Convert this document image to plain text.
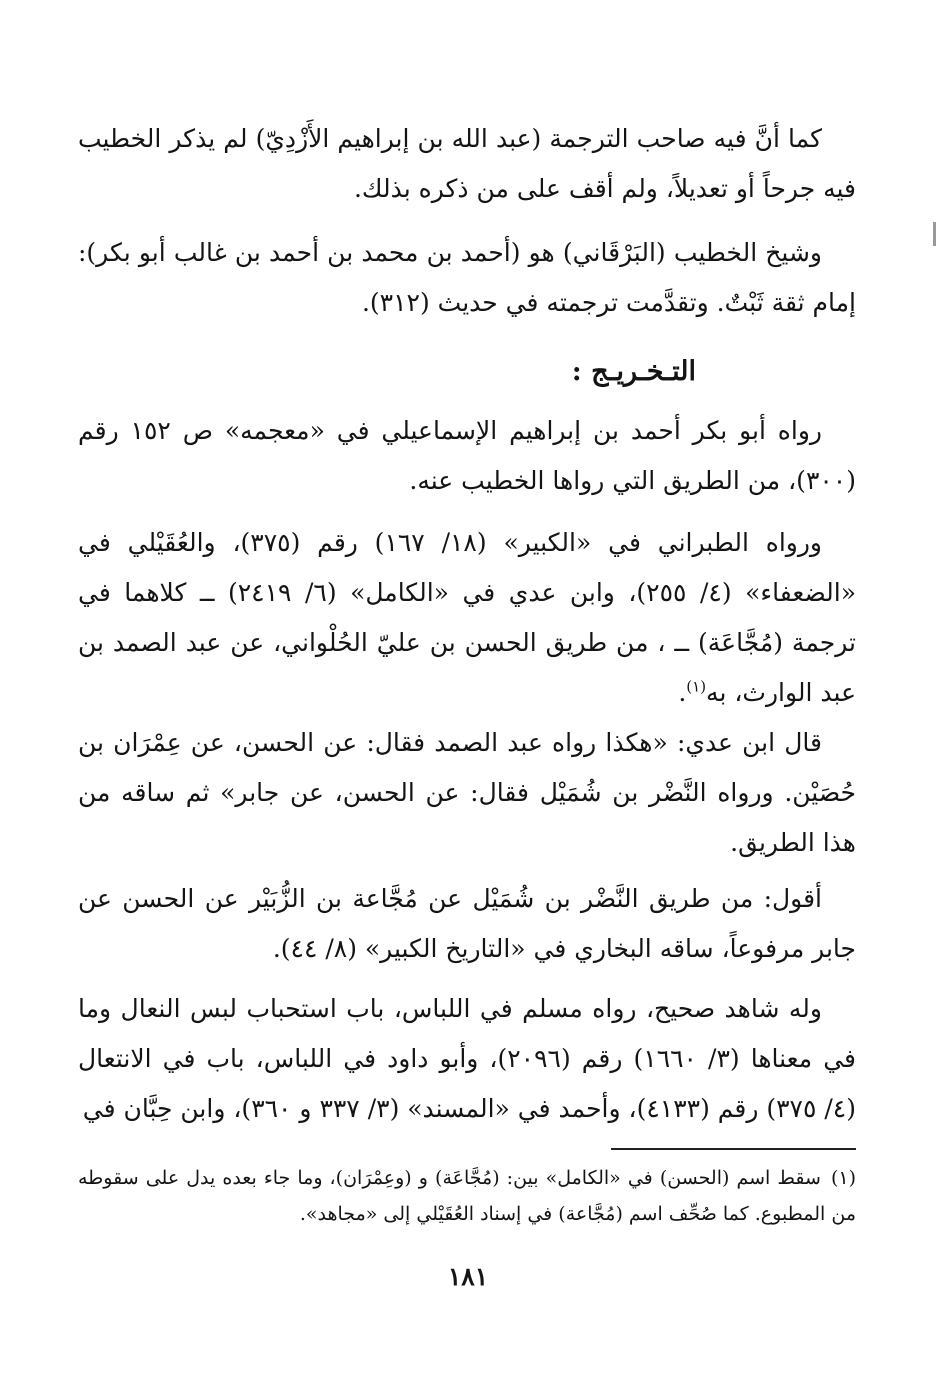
كما أنَّ فيه صاحب الترجمة (عبد الله بن إبراهيم الأَزْدِيّ) لم يذكر الخطيب فيه جرحاً أو تعديلاً، ولم أقف على من ذكره بذلك.

وشيخ الخطيب (البَرْقَاني) هو (أحمد بن محمد بن أحمد بن غالب أبو بكر): إمام ثقة ثَبْتٌ. وتقدَّمت ترجمته في حديث (٣١٢).

التـخـريـج :

رواه أبو بكر أحمد بن إبراهيم الإسماعيلي في «معجمه» ص ١٥٢ رقم (٣٠٠)، من الطريق التي رواها الخطيب عنه.

ورواه الطبراني في «الكبير» (١٨/ ١٦٧) رقم (٣٧٥)، والعُقَيْلي في «الضعفاء» (٤/ ٢٥٥)، وابن عدي في «الكامل» (٦/ ٢٤١٩) ــ كلاهما في ترجمة (مُجَّاعَة) ــ ، من طريق الحسن بن عليّ الحُلْواني، عن عبد الصمد بن عبد الوارث، به$^{(١)}$.

قال ابن عدي: «هكذا رواه عبد الصمد فقال: عن الحسن، عن عِمْرَان بن حُصَيْن. ورواه النَّضْر بن شُمَيْل فقال: عن الحسن، عن جابر» ثم ساقه من هذا الطريق.

أقول: من طريق النَّضْر بن شُمَيْل عن مُجَّاعة بن الزُّبَيْر عن الحسن عن جابر مرفوعاً، ساقه البخاري في «التاريخ الكبير» (٨/ ٤٤).

وله شاهد صحيح، رواه مسلم في اللباس، باب استحباب لبس النعال وما في معناها (٣/ ١٦٦٠) رقم (٢٠٩٦)، وأبو داود في اللباس، باب في الانتعال (٤/ ٣٧٥) رقم (٤١٣٣)، وأحمد في «المسند» (٣/ ٣٣٧ و ٣٦٠)، وابن حِبَّان في

(١)سقط اسم (الحسن) في «الكامل» بين: (مُجَّاعَة) و (وعِمْرَان)، وما جاء بعده يدل على سقوطه من المطبوع. كما صُحِّف اسم (مُجَّاعة) في إسناد العُقَيْلي إلى «مجاهد».

١٨١
